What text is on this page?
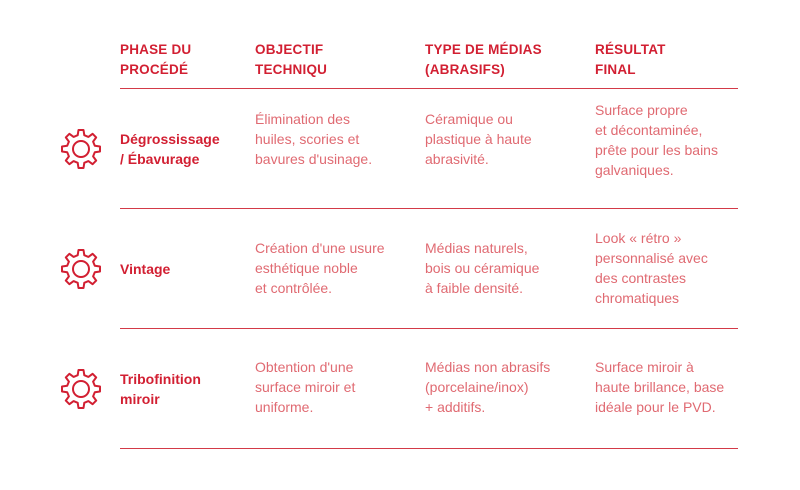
PHASE DU
PROCÉDÉ
OBJECTIF
TECHNIQU
TYPE DE MÉDIAS
(ABRASIFS)
RÉSULTAT
FINAL
Dégrossissage
/ Ébavurage
Élimination des
huiles, scories et
bavures d'usinage.
Céramique ou
plastique à haute
abrasivité.
Surface propre
et décontaminée,
prête pour les bains
galvaniques.
Vintage
Création d'une usure
esthétique noble
et contrôlée.
Médias naturels,
bois ou céramique
à faible densité.
Look « rétro »
personnalisé avec
des contrastes
chromatiques
Tribofinition
miroir
Obtention d'une
surface miroir et
uniforme.
Médias non abrasifs
(porcelaine/inox)
+ additifs.
Surface miroir à
haute brillance, base
idéale pour le PVD.
